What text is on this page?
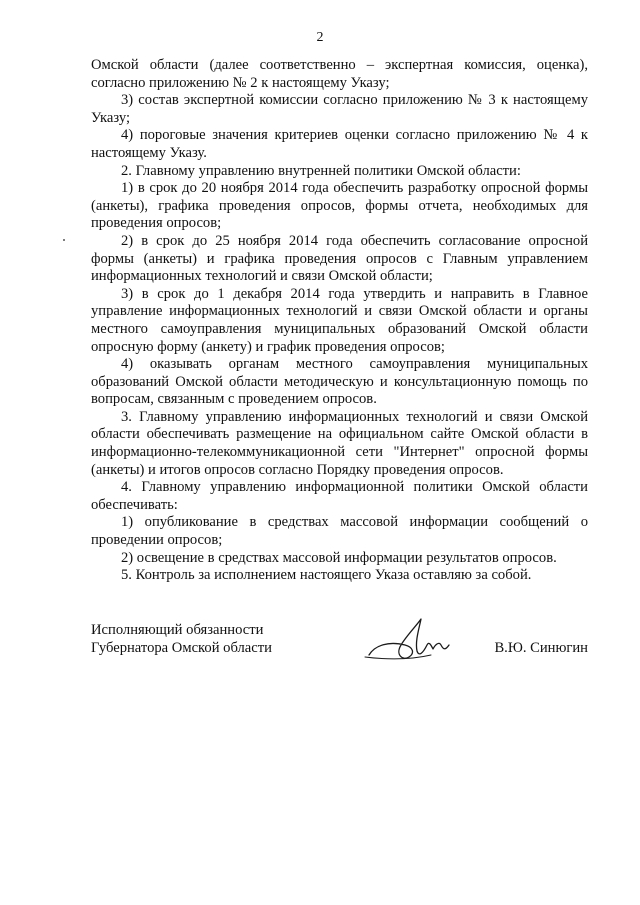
2

Омской области (далее соответственно – экспертная комиссия, оценка), согласно приложению № 2 к настоящему Указу;

3) состав экспертной комиссии согласно приложению № 3 к настоящему Указу;

4) пороговые значения критериев оценки согласно приложению № 4 к настоящему Указу.

2. Главному управлению внутренней политики Омской области:

1) в срок до 20 ноября 2014 года обеспечить разработку опросной формы (анкеты), графика проведения опросов, формы отчета, необходимых для проведения опросов;

2) в срок до 25 ноября 2014 года обеспечить согласование опросной формы (анкеты) и графика проведения опросов с Главным управлением информационных технологий и связи Омской области;

3) в срок до 1 декабря 2014 года утвердить и направить в Главное управление информационных технологий и связи Омской области и органы местного самоуправления муниципальных образований Омской области опросную форму (анкету) и график проведения опросов;

4) оказывать органам местного самоуправления муниципальных образований Омской области методическую и консультационную помощь по вопросам, связанным с проведением опросов.

3. Главному управлению информационных технологий и связи Омской области обеспечивать размещение на официальном сайте Омской области в информационно-телекоммуникационной сети "Интернет" опросной формы (анкеты) и итогов опросов согласно Порядку проведения опросов.

4. Главному управлению информационной политики Омской области обеспечивать:

1) опубликование в средствах массовой информации сообщений о проведении опросов;

2) освещение в средствах массовой информации результатов опросов.

5. Контроль за исполнением настоящего Указа оставляю за собой.

Исполняющий обязанности
Губернатора Омской области	В.Ю. Синюгин
